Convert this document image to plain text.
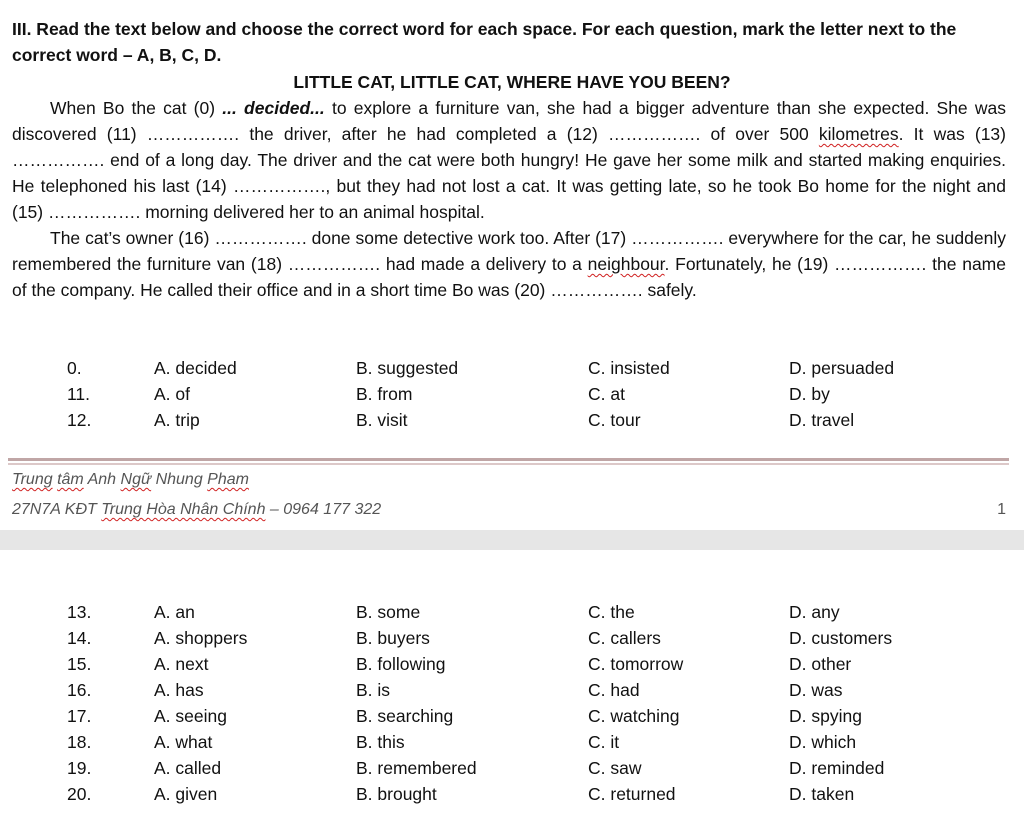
III. Read the text below and choose the correct word for each space. For each question, mark the letter next to the correct word – A, B, C, D.

LITTLE CAT, LITTLE CAT, WHERE HAVE YOU BEEN?

When Bo the cat (0) ... decided... to explore a furniture van, she had a bigger adventure than she expected. She was discovered (11) ……………. the driver, after he had completed a (12) ……………. of over 500 kilometres. It was (13) ……………. end of a long day. The driver and the cat were both hungry! He gave her some milk and started making enquiries. He telephoned his last (14) ……………., but they had not lost a cat. It was getting late, so he took Bo home for the night and (15) ……………. morning delivered her to an animal hospital.

The cat’s owner (16) ……………. done some detective work too. After (17) ……………. everywhere for the car, he suddenly remembered the furniture van (18) ……………. had made a delivery to a neighbour. Fortunately, he (19) ……………. the name of the company. He called their office and in a short time Bo was (20) ……………. safely.

0.	A. decided	B. suggested	C. insisted	D. persuaded
11.	A. of	B. from	C. at	D. by
12.	A. trip	B. visit	C. tour	D. travel

Trung tâm Anh Ngữ Nhung Pham

27N7A KĐT Trung Hòa Nhân Chính – 0964 177 322	1
13.	A. an	B. some	C. the	D. any
14.	A. shoppers	B. buyers	C. callers	D. customers
15.	A. next	B. following	C. tomorrow	D. other
16.	A. has	B. is	C. had	D. was
17.	A. seeing	B. searching	C. watching	D. spying
18.	A. what	B. this	C. it	D. which
19.	A. called	B. remembered	C. saw	D. reminded
20.	A. given	B. brought	C. returned	D. taken
